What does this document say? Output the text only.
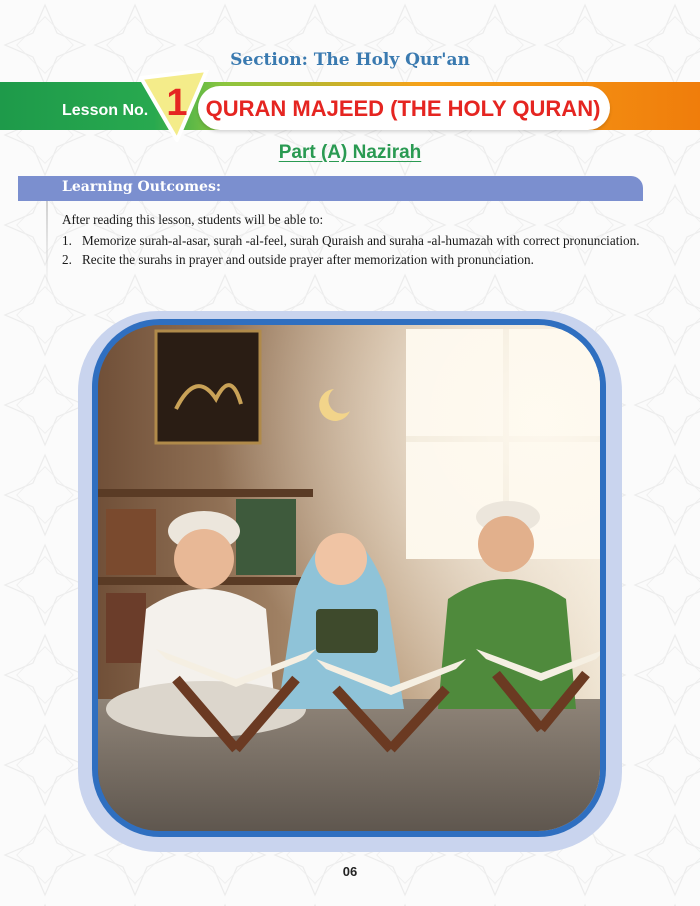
Section: The Holy Qur'an
Lesson No. 1 QURAN MAJEED (THE HOLY QURAN)
Part (A) Nazirah
Learning Outcomes:

After reading this lesson, students will be able to:

1. Memorize surah-al-asar, surah -al-feel, surah Quraish and suraha -al-humazah with correct pronunciation.
2. Recite the surahs in prayer and outside prayer after memorization with pronunciation.
06
